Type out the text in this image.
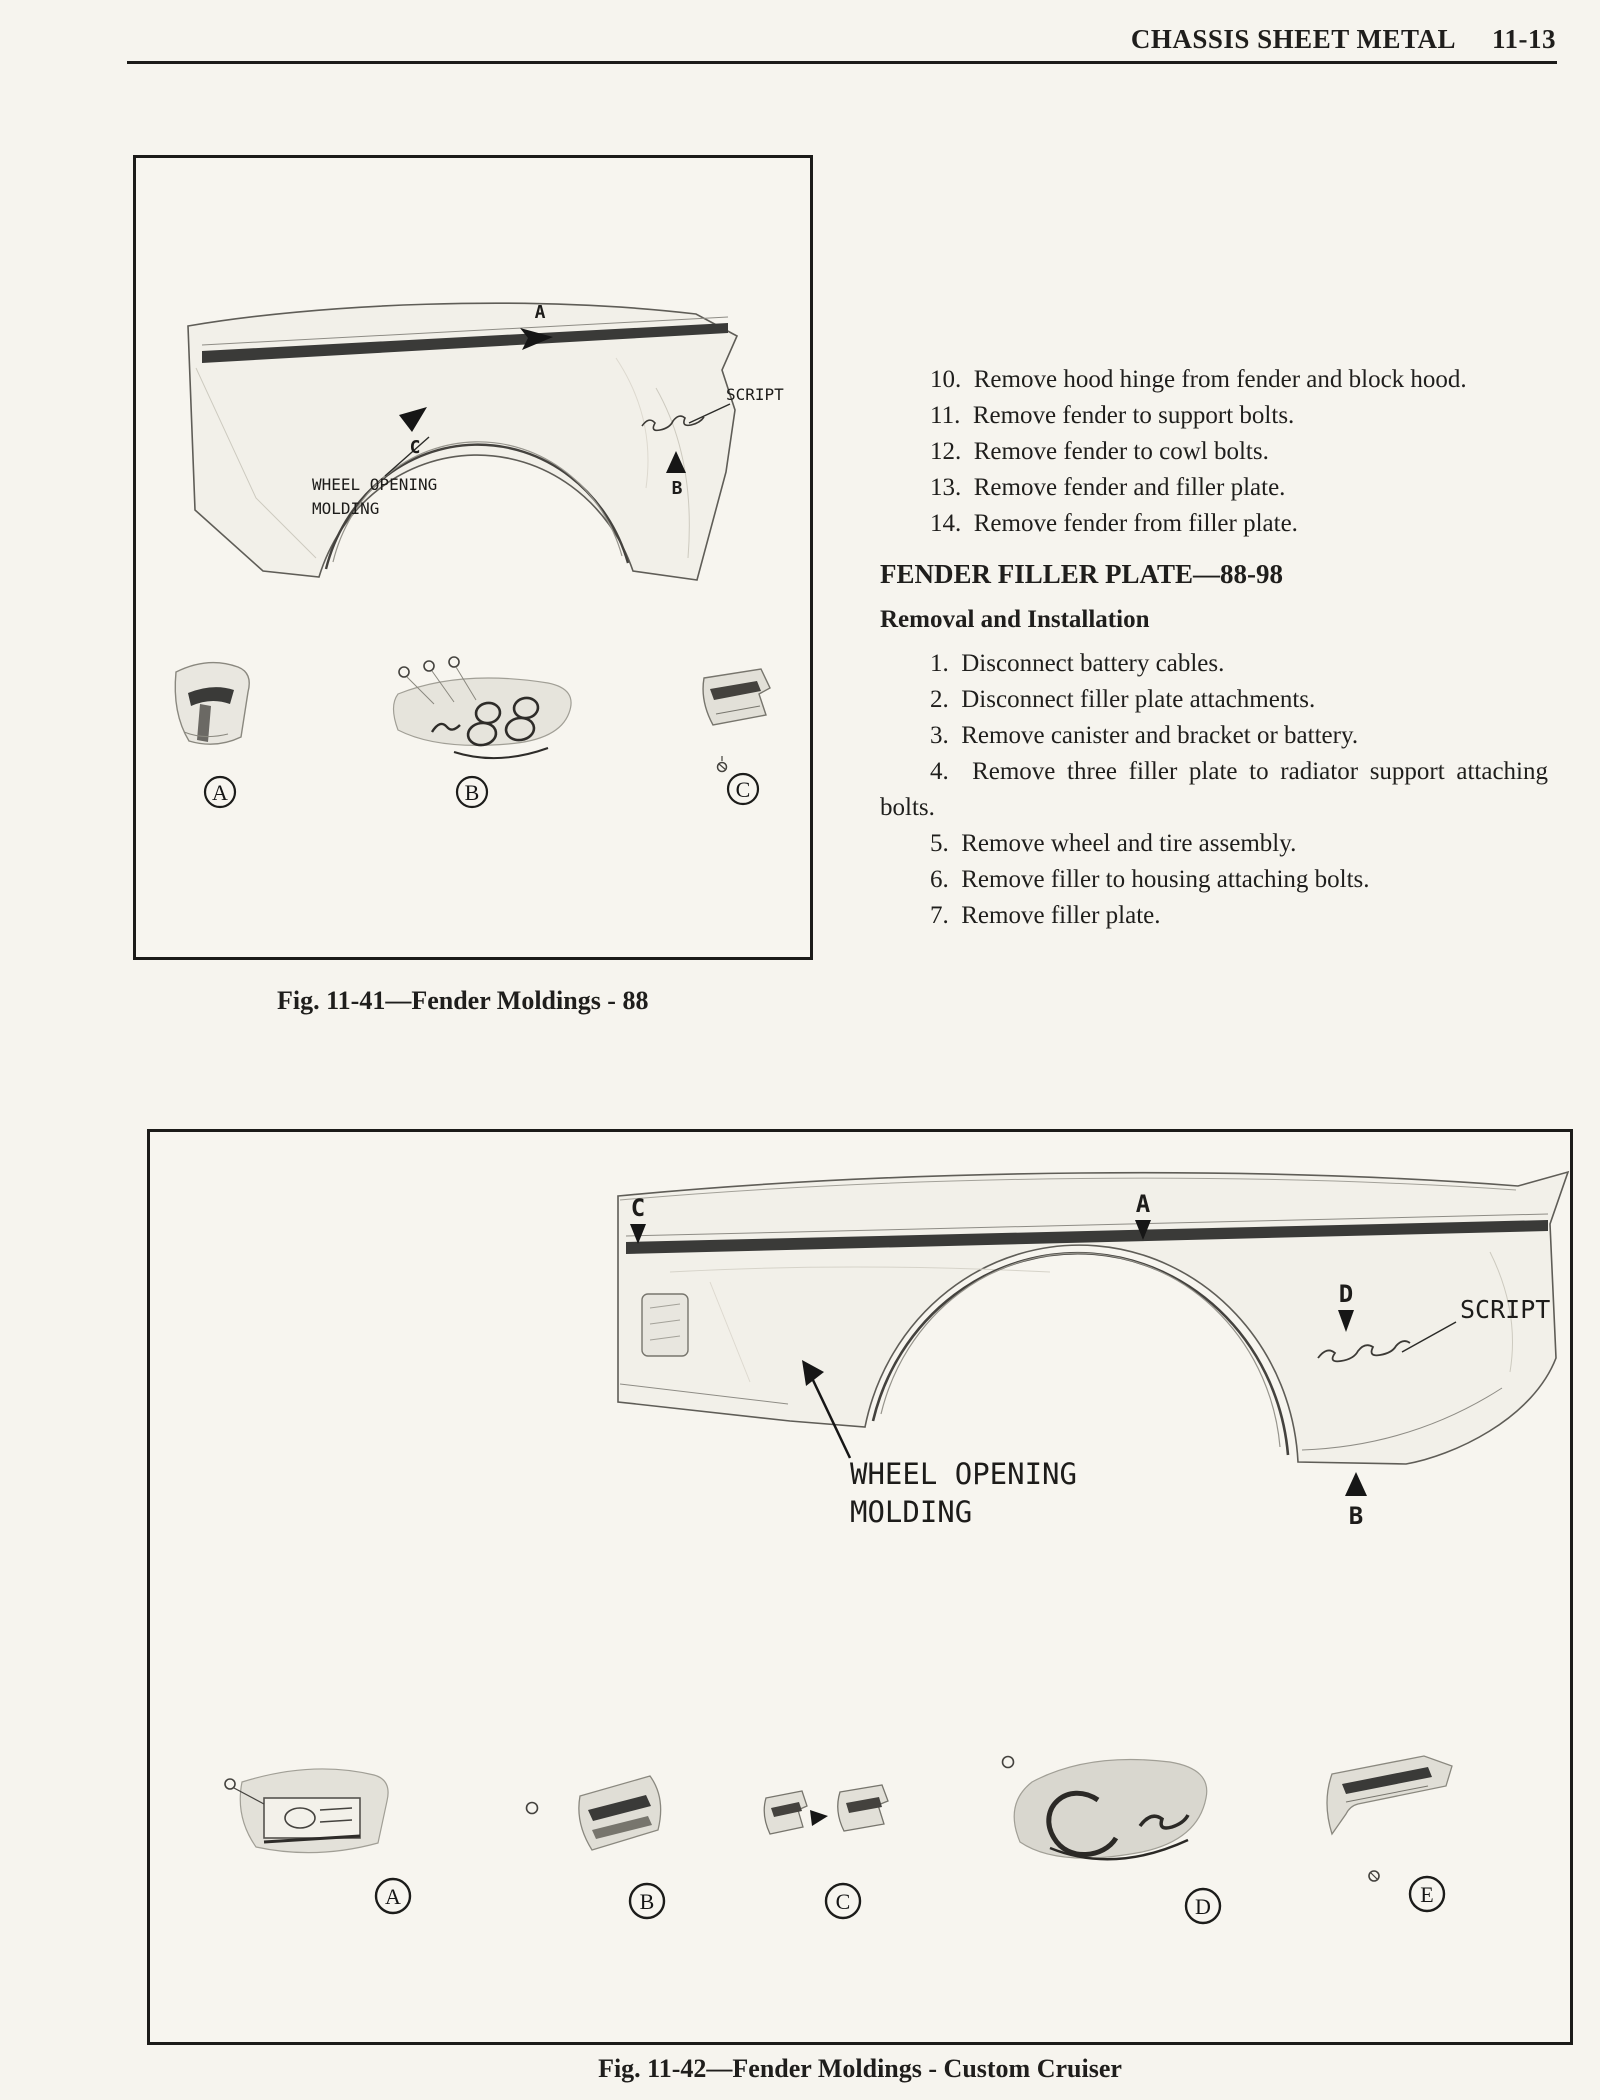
CHASSIS SHEET METAL 11-13
A
C
B
SCRIPT
WHEEL OPENING
MOLDING
A	B	C

Fig. 11-41—Fender Moldings - 88

10.  Remove hood hinge from fender and block hood.

11.  Remove fender to support bolts.

12.  Remove fender to cowl bolts.

13.  Remove fender and filler plate.

14.  Remove fender from filler plate.

FENDER FILLER PLATE—88-98
Removal and Installation

1.  Disconnect battery cables.

2.  Disconnect filler plate attachments.

3.  Remove canister and bracket or battery.

4.  Remove three filler plate to radiator support attaching bolts.

5.  Remove wheel and tire assembly.

6.  Remove filler to housing attaching bolts.

7.  Remove filler plate.

C	A
D
B
SCRIPT
WHEEL OPENING
MOLDING
A	B	C	D	E

Fig. 11-42—Fender Moldings - Custom Cruiser
